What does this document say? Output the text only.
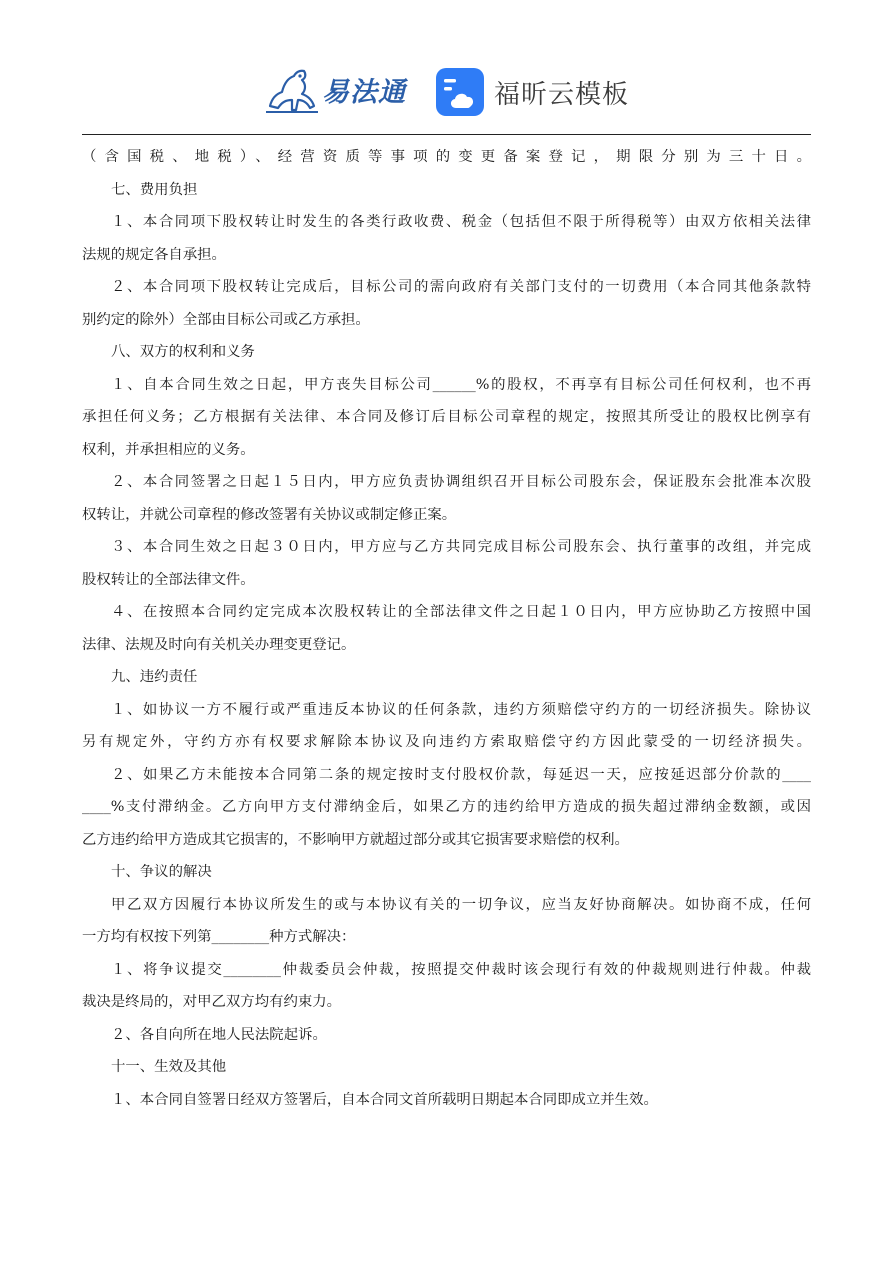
易法通	福昕云模板
（含国税、地税）、经营资质等事项的变更备案登记，期限分别为三十日。
七、费用负担
１、本合同项下股权转让时发生的各类行政收费、税金（包括但不限于所得税等）由双方依相关法律
法规的规定各自承担。
２、本合同项下股权转让完成后，目标公司的需向政府有关部门支付的一切费用（本合同其他条款特
别约定的除外）全部由目标公司或乙方承担。
八、双方的权利和义务
１、自本合同生效之日起，甲方丧失目标公司______%的股权，不再享有目标公司任何权利，也不再
承担任何义务；乙方根据有关法律、本合同及修订后目标公司章程的规定，按照其所受让的股权比例享有
权利，并承担相应的义务。
２、本合同签署之日起１５日内，甲方应负责协调组织召开目标公司股东会，保证股东会批准本次股
权转让，并就公司章程的修改签署有关协议或制定修正案。
３、本合同生效之日起３０日内，甲方应与乙方共同完成目标公司股东会、执行董事的改组，并完成
股权转让的全部法律文件。
４、在按照本合同约定完成本次股权转让的全部法律文件之日起１０日内，甲方应协助乙方按照中国
法律、法规及时向有关机关办理变更登记。
九、违约责任
１、如协议一方不履行或严重违反本协议的任何条款，违约方须赔偿守约方的一切经济损失。除协议
另有规定外，守约方亦有权要求解除本协议及向违约方索取赔偿守约方因此蒙受的一切经济损失。
２、如果乙方未能按本合同第二条的规定按时支付股权价款，每延迟一天，应按延迟部分价款的____
____%支付滞纳金。乙方向甲方支付滞纳金后，如果乙方的违约给甲方造成的损失超过滞纳金数额，或因
乙方违约给甲方造成其它损害的，不影响甲方就超过部分或其它损害要求赔偿的权利。
十、争议的解决
甲乙双方因履行本协议所发生的或与本协议有关的一切争议，应当友好协商解决。如协商不成，任何
一方均有权按下列第________种方式解决：
１、将争议提交________仲裁委员会仲裁，按照提交仲裁时该会现行有效的仲裁规则进行仲裁。仲裁
裁决是终局的，对甲乙双方均有约束力。
２、各自向所在地人民法院起诉。
十一、生效及其他
１、本合同自签署日经双方签署后，自本合同文首所载明日期起本合同即成立并生效。
